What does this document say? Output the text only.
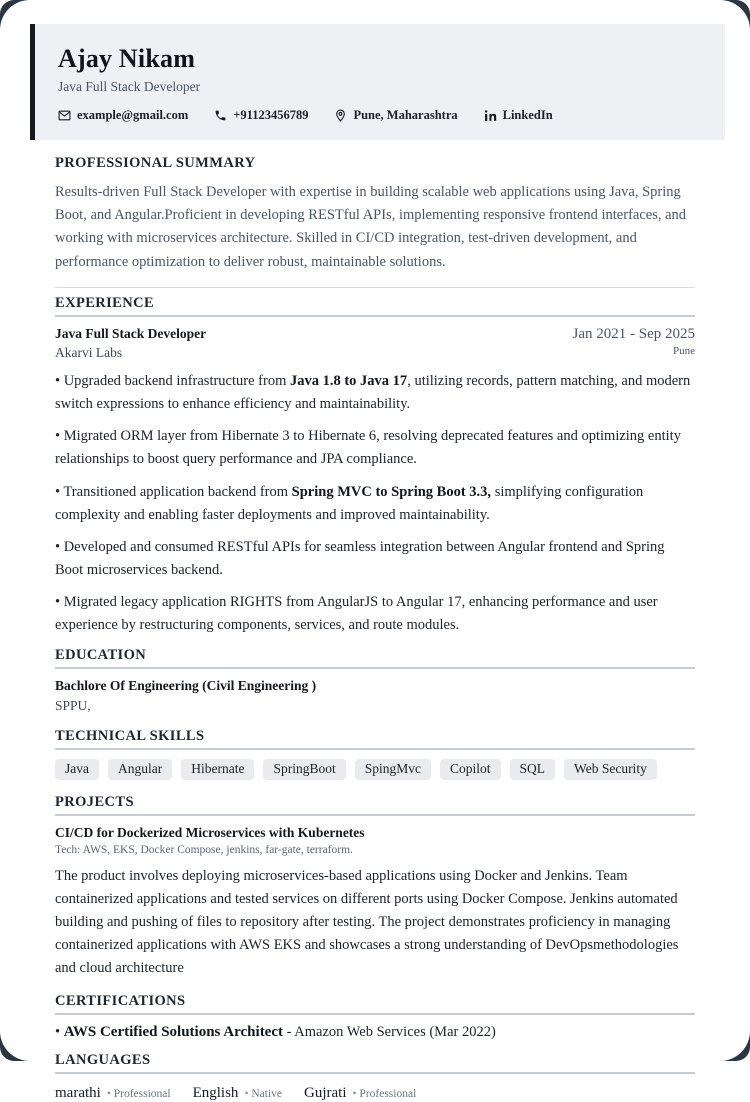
Ajay Nikam
Java Full Stack Developer
example@gmail.com	+91123456789	Pune, Maharashtra	LinkedIn
PROFESSIONAL SUMMARY

Results-driven Full Stack Developer with expertise in building scalable web applications using Java, Spring Boot, and Angular.Proficient in developing RESTful APIs, implementing responsive frontend interfaces, and working with microservices architecture. Skilled in CI/CD integration, test-driven development, and performance optimization to deliver robust, maintainable solutions.

EXPERIENCE
Java Full Stack Developer
Akarvi Labs
Jan 2021 - Sep 2025
Pune
• Upgraded backend infrastructure from Java 1.8 to Java 17, utilizing records, pattern matching, and modern switch expressions to enhance efficiency and maintainability.
• Migrated ORM layer from Hibernate 3 to Hibernate 6, resolving deprecated features and optimizing entity relationships to boost query performance and JPA compliance.
• Transitioned application backend from Spring MVC to Spring Boot 3.3, simplifying configuration complexity and enabling faster deployments and improved maintainability.
• Developed and consumed RESTful APIs for seamless integration between Angular frontend and Spring Boot microservices backend.
• Migrated legacy application RIGHTS from AngularJS to Angular 17, enhancing performance and user experience by restructuring components, services, and route modules.
EDUCATION
Bachlore Of Engineering (Civil Engineering )
SPPU,
TECHNICAL SKILLS
Java	Angular	Hibernate	SpringBoot	SpingMvc	Copilot	SQL	Web Security
PROJECTS
CI/CD for Dockerized Microservices with Kubernetes
Tech: AWS, EKS, Docker Compose, jenkins, far-gate, terraform.

The product involves deploying microservices-based applications using Docker and Jenkins. Team containerized applications and tested services on different ports using Docker Compose. Jenkins automated building and pushing of files to repository after testing. The project demonstrates proficiency in managing containerized applications with AWS EKS and showcases a strong understanding of DevOpsmethodologies and cloud architecture

CERTIFICATIONS
• AWS Certified Solutions Architect - Amazon Web Services (Mar 2022)
LANGUAGES
marathi	• Professional English	• Native Gujrati	• Professional
